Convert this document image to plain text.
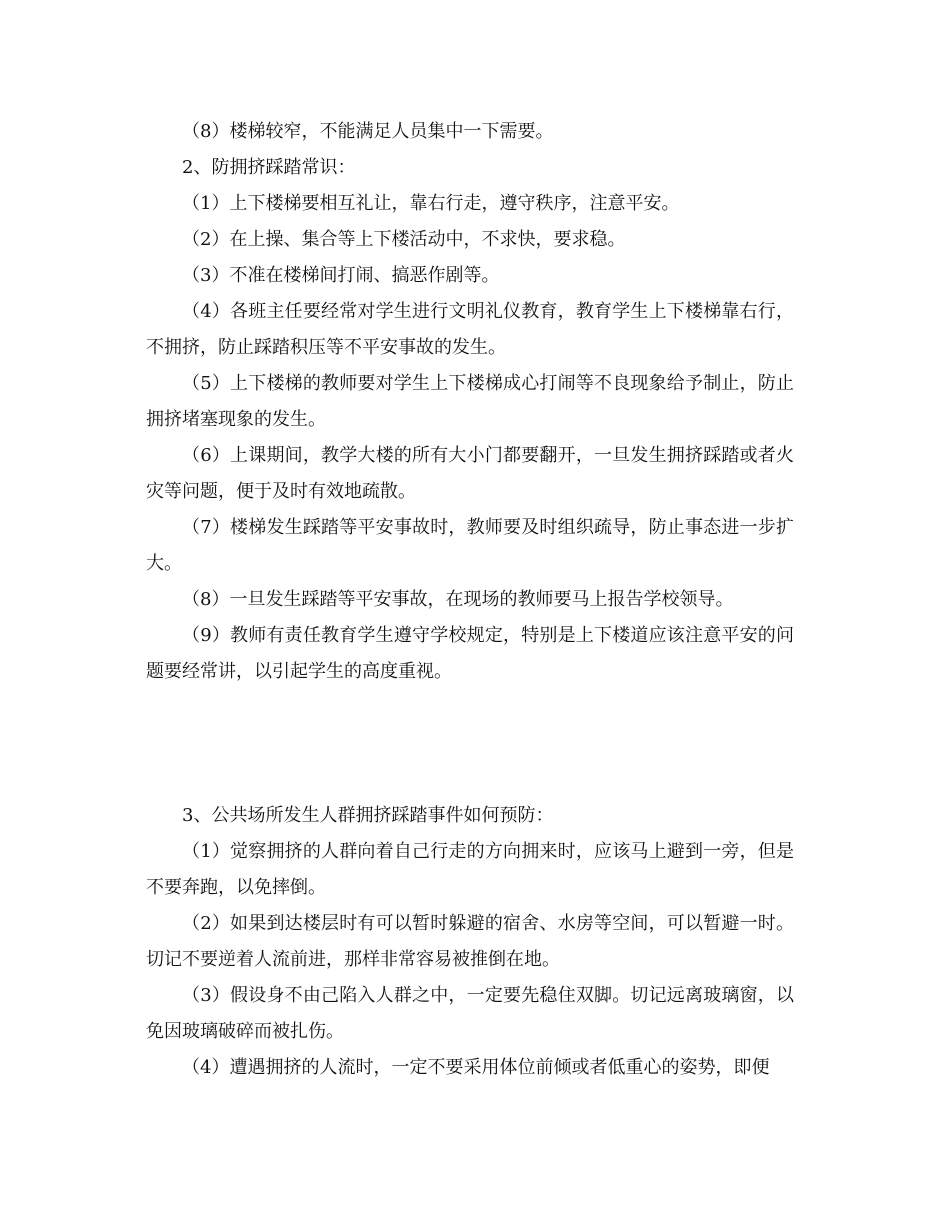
（8）楼梯较窄，不能满足人员集中一下需要。

2、防拥挤踩踏常识：

（1）上下楼梯要相互礼让，靠右行走，遵守秩序，注意平安。

（2）在上操、集合等上下楼活动中，不求快，要求稳。

（3）不准在楼梯间打闹、搞恶作剧等。

（4）各班主任要经常对学生进行文明礼仪教育，教育学生上下楼梯靠右行，不拥挤，防止踩踏积压等不平安事故的发生。

（5）上下楼梯的教师要对学生上下楼梯成心打闹等不良现象给予制止，防止拥挤堵塞现象的发生。

（6）上课期间，教学大楼的所有大小门都要翻开，一旦发生拥挤踩踏或者火灾等问题，便于及时有效地疏散。

（7）楼梯发生踩踏等平安事故时，教师要及时组织疏导，防止事态进一步扩大。

（8）一旦发生踩踏等平安事故，在现场的教师要马上报告学校领导。

（9）教师有责任教育学生遵守学校规定，特别是上下楼道应该注意平安的问题要经常讲，以引起学生的高度重视。

3、公共场所发生人群拥挤踩踏事件如何预防：

（1）觉察拥挤的人群向着自己行走的方向拥来时，应该马上避到一旁，但是不要奔跑，以免摔倒。

（2）如果到达楼层时有可以暂时躲避的宿舍、水房等空间，可以暂避一时。切记不要逆着人流前进，那样非常容易被推倒在地。

（3）假设身不由己陷入人群之中，一定要先稳住双脚。切记远离玻璃窗，以免因玻璃破碎而被扎伤。

（4）遭遇拥挤的人流时，一定不要采用体位前倾或者低重心的姿势，即便
